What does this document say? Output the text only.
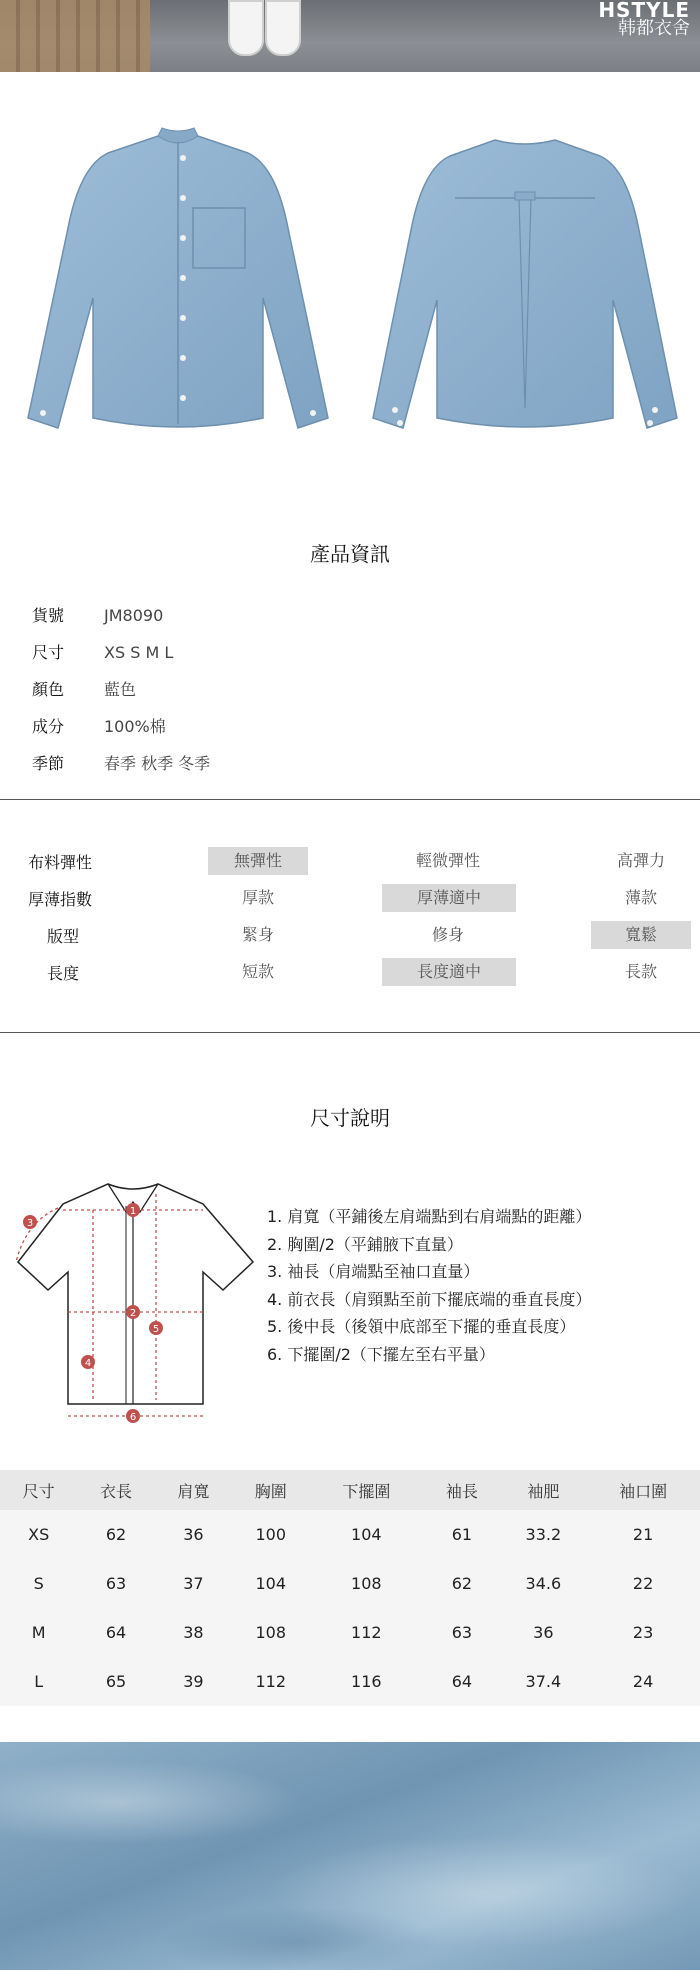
HSTYLE
韩都衣舍
產品資訊
貨號 JM8090
尺寸 XS S M L
顏色 藍色
成分 100%棉
季節 春季 秋季 冬季
布料彈性	無彈性	輕微彈性	高彈力
厚薄指數	厚款	厚薄適中	薄款
版型	緊身	修身	寬鬆
長度	短款	長度適中	長款
尺寸說明
1
2
3
4
5
6
1. 肩寬（平鋪後左肩端點到右肩端點的距離）
2. 胸圍/2（平鋪腋下直量）
3. 袖長（肩端點至袖口直量）
4. 前衣長（肩頸點至前下擺底端的垂直長度）
5. 後中長（後領中底部至下擺的垂直長度）
6. 下擺圍/2（下擺左至右平量）
尺寸	衣長	肩寬	胸圍	下擺圍	袖長	袖肥	袖口圍
XS	62	36	100	104	61	33.2	21
S	63	37	104	108	62	34.6	22
M	64	38	108	112	63	36	23
L	65	39	112	116	64	37.4	24
